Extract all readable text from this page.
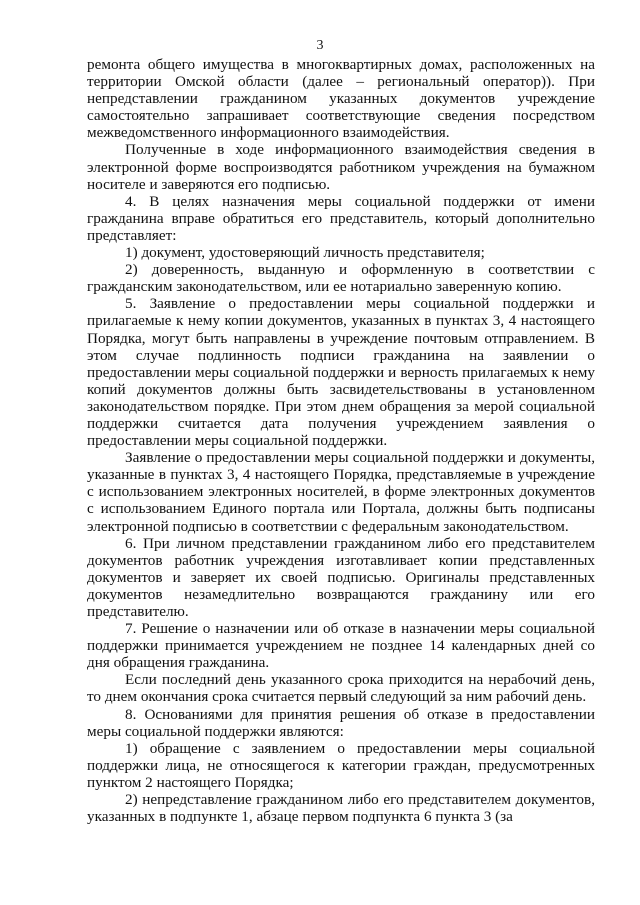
3

ремонта общего имущества в многоквартирных домах, расположенных на территории Омской области (далее – региональный оператор)). При непредставлении гражданином указанных документов учреждение самостоятельно запрашивает соответствующие сведения посредством межведомственного информационного взаимодействия.

Полученные в ходе информационного взаимодействия сведения в электронной форме воспроизводятся работником учреждения на бумажном носителе и заверяются его подписью.

4. В целях назначения меры социальной поддержки от имени гражданина вправе обратиться его представитель, который дополнительно представляет:

1) документ, удостоверяющий личность представителя;

2) доверенность, выданную и оформленную в соответствии с гражданским законодательством, или ее нотариально заверенную копию.

5. Заявление о предоставлении меры социальной поддержки и прилагаемые к нему копии документов, указанных в пунктах 3, 4 настоящего Порядка, могут быть направлены в учреждение почтовым отправлением. В этом случае подлинность подписи гражданина на заявлении о предоставлении меры социальной поддержки и верность прилагаемых к нему копий документов должны быть засвидетельствованы в установленном законодательством порядке. При этом днем обращения за мерой социальной поддержки считается дата получения учреждением заявления о предоставлении меры социальной поддержки.

Заявление о предоставлении меры социальной поддержки и документы, указанные в пунктах 3, 4 настоящего Порядка, представляемые в учреждение с использованием электронных носителей, в форме электронных документов с использованием Единого портала или Портала, должны быть подписаны электронной подписью в соответствии с федеральным законодательством.

6. При личном представлении гражданином либо его представителем документов работник учреждения изготавливает копии представленных документов и заверяет их своей подписью. Оригиналы представленных документов незамедлительно возвращаются гражданину или его представителю.

7. Решение о назначении или об отказе в назначении меры социальной поддержки принимается учреждением не позднее 14 календарных дней со дня обращения гражданина.

Если последний день указанного срока приходится на нерабочий день, то днем окончания срока считается первый следующий за ним рабочий день.

8. Основаниями для принятия решения об отказе в предоставлении меры социальной поддержки являются:

1) обращение с заявлением о предоставлении меры социальной поддержки лица, не относящегося к категории граждан, предусмотренных пунктом 2 настоящего Порядка;

2) непредставление гражданином либо его представителем документов, указанных в подпункте 1, абзаце первом подпункта 6 пункта 3 (за
